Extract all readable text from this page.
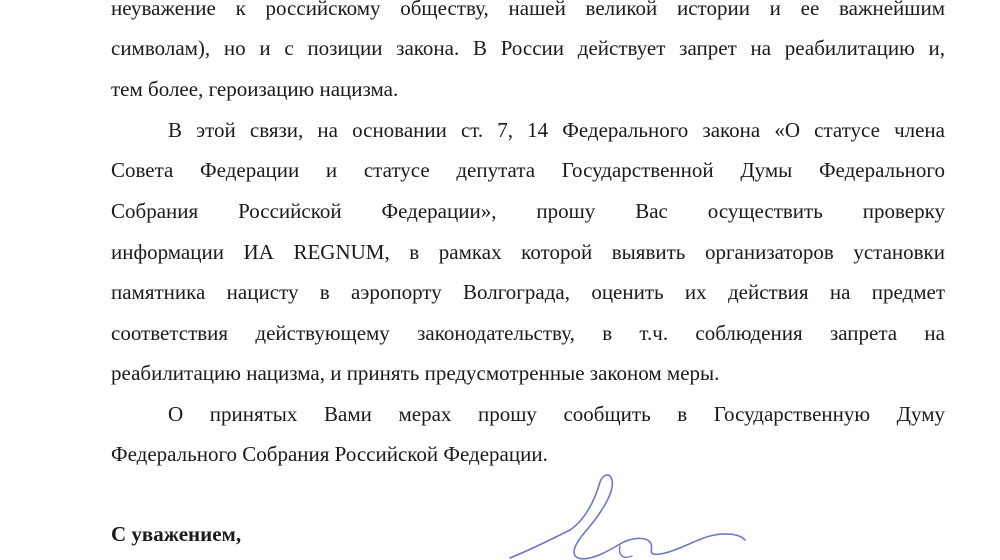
неуважение к российскому обществу, нашей великой истории и ее важнейшим
символам), но и с позиции закона. В России действует запрет на реабилитацию и,
тем более, героизацию нацизма.
В этой связи, на основании ст. 7, 14 Федерального закона «О статусе члена
Совета Федерации и статусе депутата Государственной Думы Федерального
Собрания Российской Федерации», прошу Вас осуществить проверку
информации ИА REGNUM, в рамках которой выявить организаторов установки
памятника нацисту в аэропорту Волгограда, оценить их действия на предмет
соответствия действующему законодательству, в т.ч. соблюдения запрета на
реабилитацию нацизма, и принять предусмотренные законом меры.
О принятых Вами мерах прошу сообщить в Государственную Думу
Федерального Собрания Российской Федерации.
С уважением,
